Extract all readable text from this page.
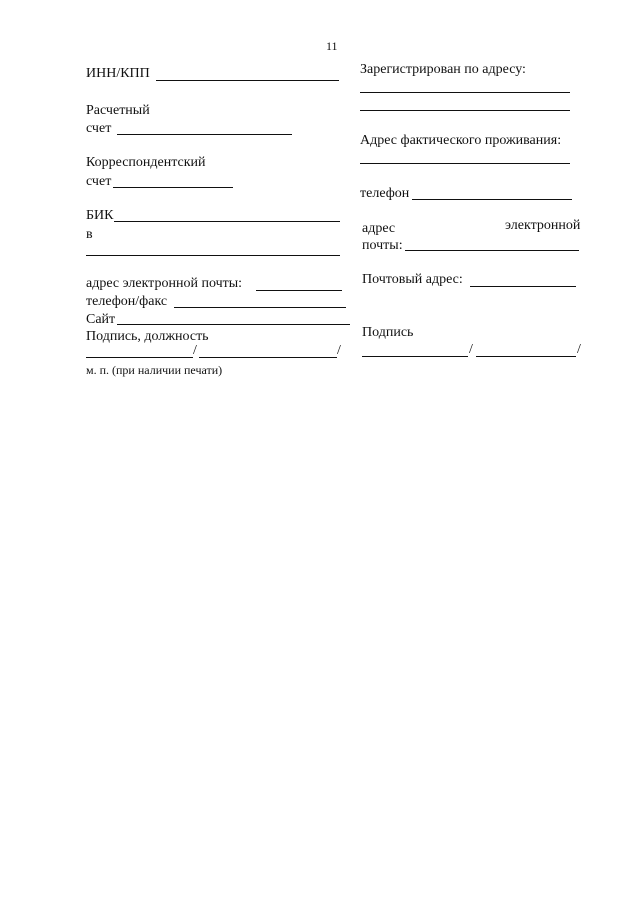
11
ИНН/КПП
Расчетный
счет
Корреспондентский
счет
БИК
в
адрес электронной почты:
телефон/факс
Сайт
Подпись, должность
/	/
м. п. (при наличии печати)
Зарегистрирован по адресу:
Адрес фактического проживания:
телефон
адрес	электронной
почты:
Почтовый адрес:
Подпись
/	/
